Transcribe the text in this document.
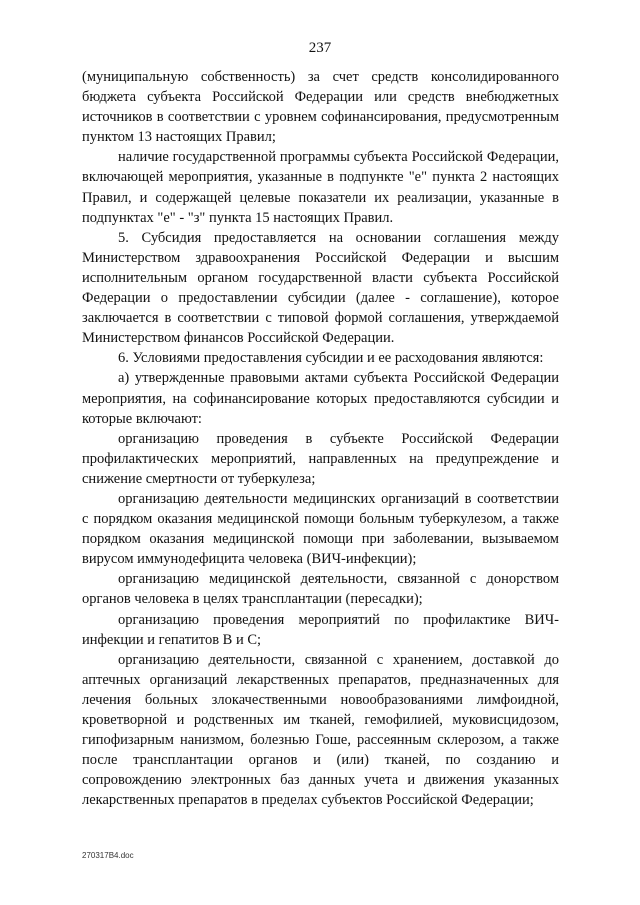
237

(муниципальную собственность) за счет средств консолидированного бюджета субъекта Российской Федерации или средств внебюджетных источников в соответствии с уровнем софинансирования, предусмотренным пунктом 13 настоящих Правил;

наличие государственной программы субъекта Российской Федерации, включающей мероприятия, указанные в подпункте "е" пункта 2 настоящих Правил, и содержащей целевые показатели их реализации, указанные в подпунктах "е" - "з" пункта 15 настоящих Правил.

5. Субсидия предоставляется на основании соглашения между Министерством здравоохранения Российской Федерации и высшим исполнительным органом государственной власти субъекта Российской Федерации о предоставлении субсидии (далее - соглашение), которое заключается в соответствии с типовой формой соглашения, утверждаемой Министерством финансов Российской Федерации.

6. Условиями предоставления субсидии и ее расходования являются:

а) утвержденные правовыми актами субъекта Российской Федерации мероприятия, на софинансирование которых предоставляются субсидии и которые включают:

организацию проведения в субъекте Российской Федерации профилактических мероприятий, направленных на предупреждение и снижение смертности от туберкулеза;

организацию деятельности медицинских организаций в соответствии с порядком оказания медицинской помощи больным туберкулезом, а также порядком оказания медицинской помощи при заболевании, вызываемом вирусом иммунодефицита человека (ВИЧ-инфекции);

организацию медицинской деятельности, связанной с донорством органов человека в целях трансплантации (пересадки);

организацию проведения мероприятий по профилактике ВИЧ-инфекции и гепатитов B и C;

организацию деятельности, связанной с хранением, доставкой до аптечных организаций лекарственных препаратов, предназначенных для лечения больных злокачественными новообразованиями лимфоидной, кроветворной и родственных им тканей, гемофилией, муковисцидозом, гипофизарным нанизмом, болезнью Гоше, рассеянным склерозом, а также после трансплантации органов и (или) тканей, по созданию и сопровождению электронных баз данных учета и движения указанных лекарственных препаратов в пределах субъектов Российской Федерации;

270317B4.doc
